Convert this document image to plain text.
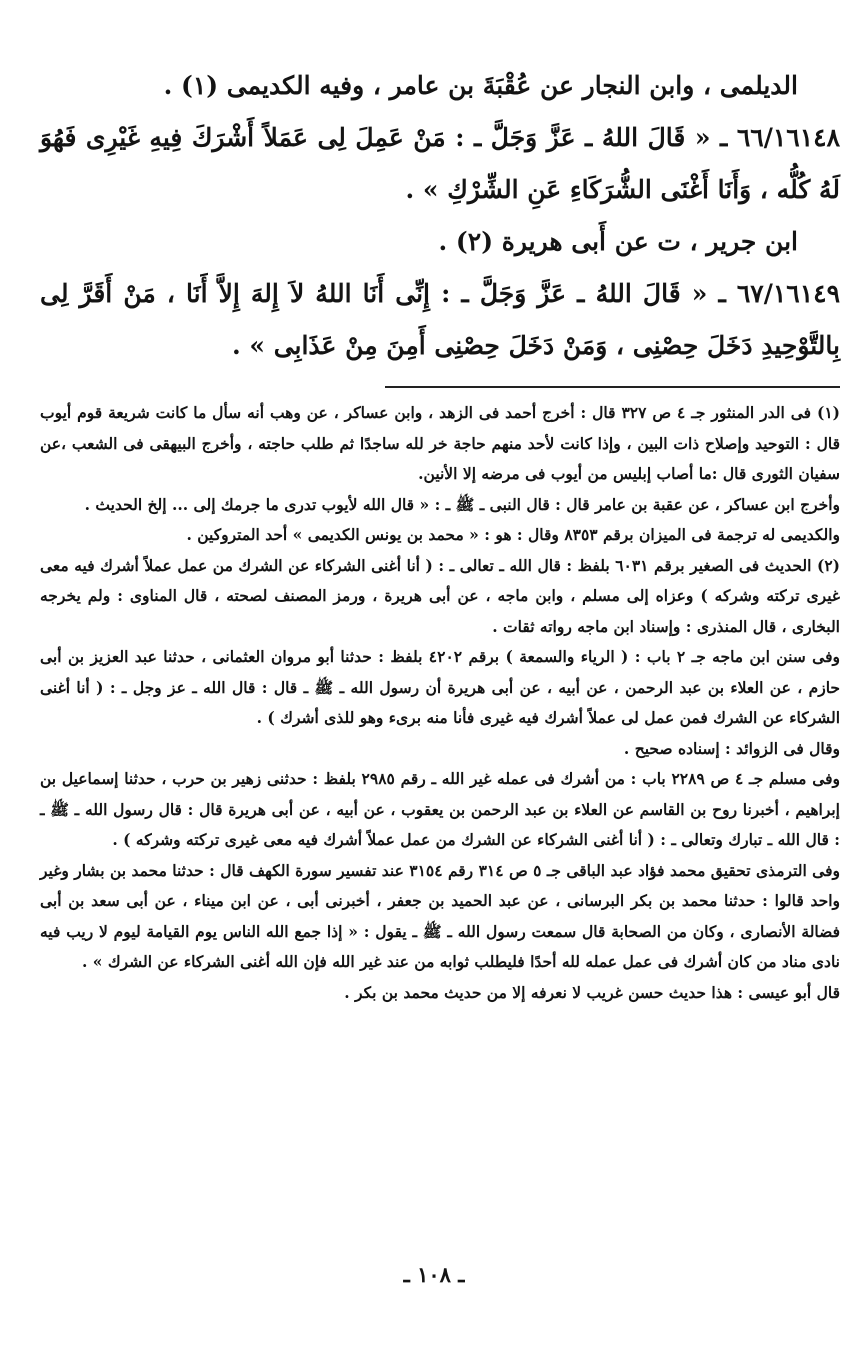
الديلمى ، وابن النجار عن عُقْبَةَ بن عامر ، وفيه الكديمى (١) .

٦٦/١٦١٤٨ ـ « قَالَ اللهُ ـ عَزَّ وَجَلَّ ـ : مَنْ عَمِلَ لِى عَمَلاً أَشْرَكَ فِيهِ غَيْرِى فَهُوَ لَهُ كُلُّه ، وَأَنَا أَغْنَى الشُّرَكَاءِ عَنِ الشِّرْكِ » .

ابن جرير ، ت عن أَبى هريرة (٢) .

٦٧/١٦١٤٩ ـ « قَالَ اللهُ ـ عَزَّ وَجَلَّ ـ : إِنِّى أَنَا اللهُ لاَ إِلهَ إِلاَّ أَنَا ، مَنْ أَقَرَّ لِى بِالتَّوْحِيدِ دَخَلَ حِصْنِى ، وَمَنْ دَخَلَ حِصْنِى أَمِنَ مِنْ عَذَابِى » .

(١) فى الدر المنثور جـ ٤ ص ٣٢٧ قال : أخرج أحمد فى الزهد ، وابن عساكر ، عن وهب أنه سأل ما كانت شريعة قوم أيوب قال : التوحيد وإصلاح ذات البين ، وإذا كانت لأحد منهم حاجة خر لله ساجدًا ثم طلب حاجته ، وأخرج البيهقى فى الشعب ،عن سفيان الثورى قال :ما أصاب إبليس من أيوب فى مرضه إلا الأنين.

وأخرج ابن عساكر ، عن عقبة بن عامر قال : قال النبى ـ ﷺ ـ : « قال الله لأيوب تدرى ما جرمك إلى ... إلخ الحديث .

والكديمى له ترجمة فى الميزان برقم ٨٣٥٣ وقال : هو : « محمد بن يونس الكديمى » أحد المتروكين .

(٢) الحديث فى الصغير برقم ٦٠٣١ بلفظ : قال الله ـ تعالى ـ : ( أنا أغنى الشركاء عن الشرك من عمل عملاً أشرك فيه معى غيرى تركته وشركه ) وعزاه إلى مسلم ، وابن ماجه ، عن أبى هريرة ، ورمز المصنف لصحته ، قال المناوى : ولم يخرجه البخارى ، قال المنذرى : وإسناد ابن ماجه رواته ثقات .

وفى سنن ابن ماجه جـ ٢ باب : ( الرياء والسمعة ) برقم ٤٢٠٢ بلفظ : حدثنا أبو مروان العثمانى ، حدثنا عبد العزيز بن أبى حازم ، عن العلاء بن عبد الرحمن ، عن أبيه ، عن أبى هريرة أن رسول الله ـ ﷺ ـ قال : قال الله ـ عز وجل ـ : ( أنا أغنى الشركاء عن الشرك فمن عمل لى عملاً أشرك فيه غيرى فأنا منه برىء وهو للذى أشرك ) .

وقال فى الزوائد : إسناده صحيح .

وفى مسلم جـ ٤ ص ٢٢٨٩ باب : من أشرك فى عمله غير الله ـ رقم ٢٩٨٥ بلفظ : حدثنى زهير بن حرب ، حدثنا إسماعيل بن إبراهيم ، أخبرنا روح بن القاسم عن العلاء بن عبد الرحمن بن يعقوب ، عن أبيه ، عن أبى هريرة قال : قال رسول الله ـ ﷺ ـ : قال الله ـ تبارك وتعالى ـ : ( أنا أغنى الشركاء عن الشرك من عمل عملاً أشرك فيه معى غيرى تركته وشركه ) .

وفى الترمذى تحقيق محمد فؤاد عبد الباقى جـ ٥ ص ٣١٤ رقم ٣١٥٤ عند تفسير سورة الكهف قال : حدثنا محمد بن بشار وغير واحد قالوا : حدثنا محمد بن بكر البرسانى ، عن عبد الحميد بن جعفر ، أخبرنى أبى ، عن ابن ميناء ، عن أبى سعد بن أبى فضالة الأنصارى ، وكان من الصحابة قال سمعت رسول الله ـ ﷺ ـ يقول : « إذا جمع الله الناس يوم القيامة ليوم لا ريب فيه نادى مناد من كان أشرك فى عمل عمله لله أحدًا فليطلب ثوابه من عند غير الله فإن الله أغنى الشركاء عن الشرك » .

قال أبو عيسى : هذا حديث حسن غريب لا نعرفه إلا من حديث محمد بن بكر .

ـ ١٠٨ ـ
